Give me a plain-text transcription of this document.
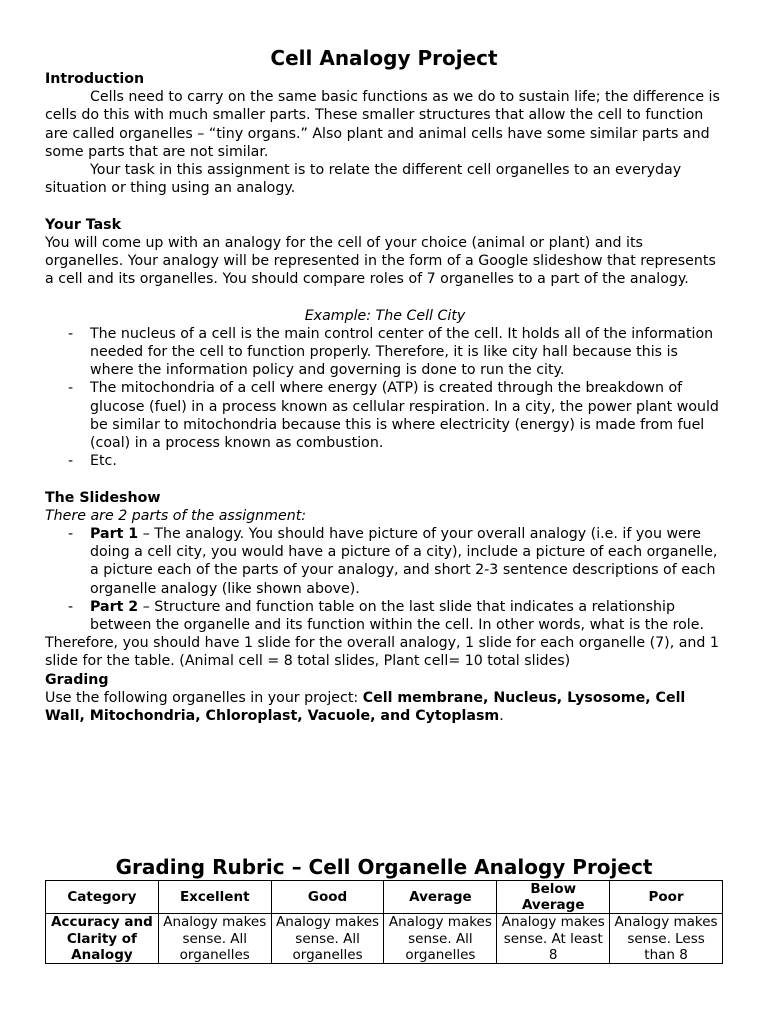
Cell Analogy Project

Introduction

Cells need to carry on the same basic functions as we do to sustain life; the difference is cells do this with much smaller parts. These smaller structures that allow the cell to function are called organelles – “tiny organs.” Also plant and animal cells have some similar parts and some parts that are not similar.

Your task in this assignment is to relate the different cell organelles to an everyday situation or thing using an analogy.

Your Task

You will come up with an analogy for the cell of your choice (animal or plant) and its organelles. Your analogy will be represented in the form of a Google slideshow that represents a cell and its organelles. You should compare roles of 7 organelles to a part of the analogy.

Example: The Cell City

- The nucleus of a cell is the main control center of the cell. It holds all of the information needed for the cell to function properly. Therefore, it is like city hall because this is where the information policy and governing is done to run the city.
- The mitochondria of a cell where energy (ATP) is created through the breakdown of glucose (fuel) in a process known as cellular respiration. In a city, the power plant would be similar to mitochondria because this is where electricity (energy) is made from fuel (coal) in a process known as combustion.
- Etc.

The Slideshow

There are 2 parts of the assignment:

- Part 1 – The analogy. You should have picture of your overall analogy (i.e. if you were doing a cell city, you would have a picture of a city), include a picture of each organelle, a picture each of the parts of your analogy, and short 2-3 sentence descriptions of each organelle analogy (like shown above).
- Part 2 – Structure and function table on the last slide that indicates a relationship between the organelle and its function within the cell. In other words, what is the role.

Therefore, you should have 1 slide for the overall analogy, 1 slide for each organelle (7), and 1 slide for the table. (Animal cell = 8 total slides, Plant cell= 10 total slides)

Grading

Use the following organelles in your project: Cell membrane, Nucleus, Lysosome, Cell Wall, Mitochondria, Chloroplast, Vacuole, and Cytoplasm.

Grading Rubric – Cell Organelle Analogy Project
Category	Excellent	Good	Average	Below Average	Poor
Accuracy and Clarity of Analogy	Analogy makes sense. All organelles	Analogy makes sense. All organelles	Analogy makes sense. All organelles	Analogy makes sense. At least 8	Analogy makes sense. Less than 8
